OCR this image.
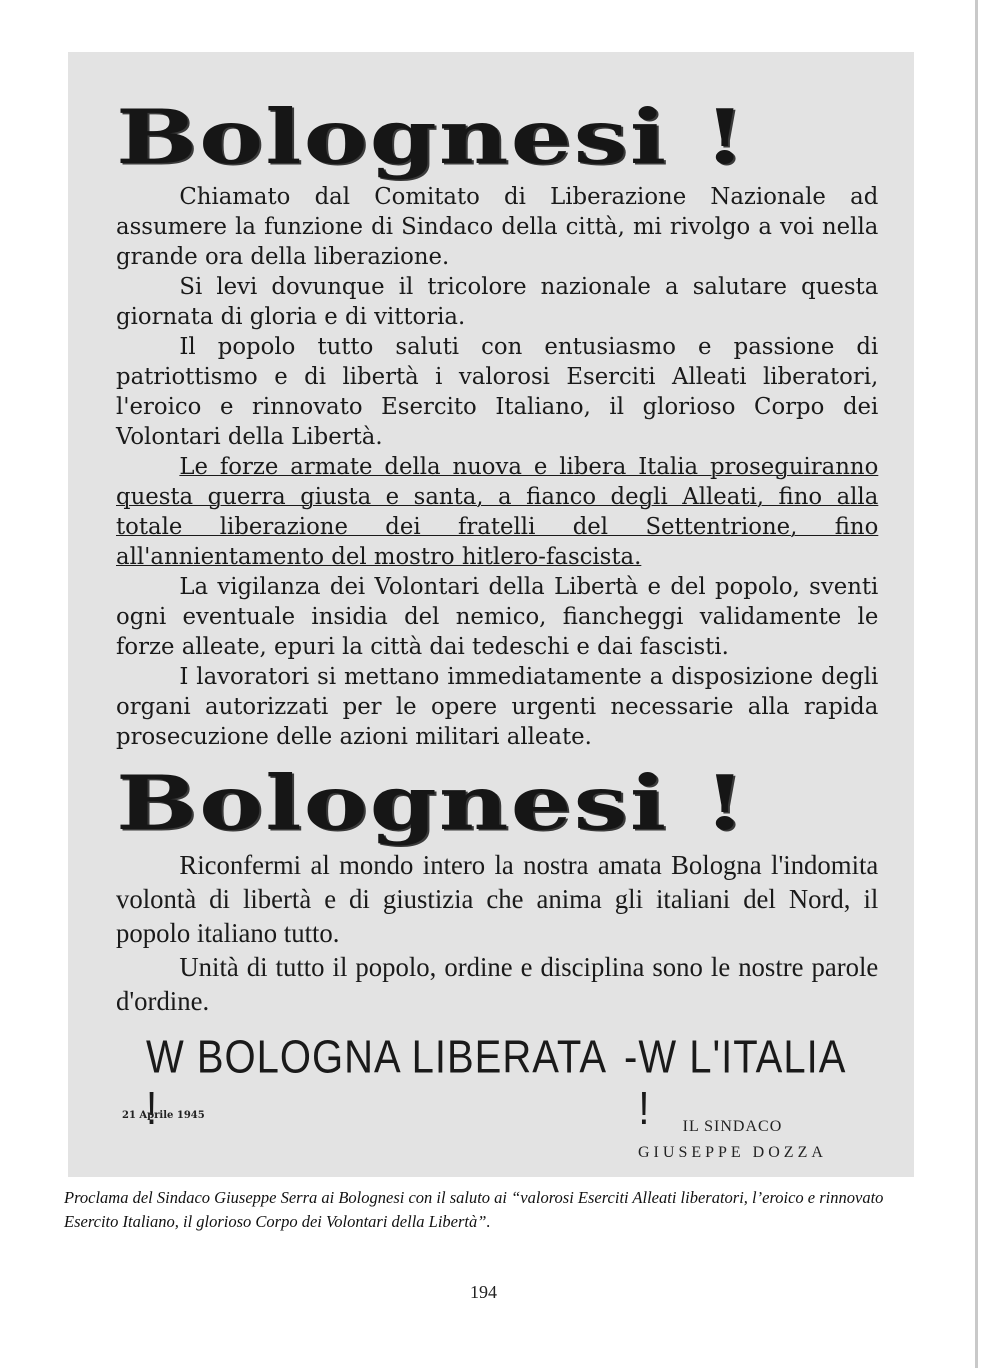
Bolognesi !

Chiamato dal Comitato di Liberazione Nazionale ad assumere la funzione di Sindaco della città, mi rivolgo a voi nella grande ora della liberazione.

Si levi dovunque il tricolore nazionale a salutare questa giornata di gloria e di vittoria.

Il popolo tutto saluti con entusiasmo e passione di patriottismo e di libertà i valorosi Eserciti Alleati liberatori, l'eroico e rinnovato Esercito Italiano, il glorioso Corpo dei Volontari della Libertà.

Le forze armate della nuova e libera Italia proseguiranno questa guerra giusta e santa, a fianco degli Alleati, fino alla totale liberazione dei fratelli del Settentrione, fino all'annientamento del mostro hitlero-fascista.

La vigilanza dei Volontari della Libertà e del popolo, sventi ogni eventuale insidia del nemico, fiancheggi validamente le forze alleate, epuri la città dai tedeschi e dai fascisti.

I lavoratori si mettano immediatamente a disposizione degli organi autorizzati per le opere urgenti necessarie alla rapida prosecuzione delle azioni militari alleate.

Bolognesi !

Riconfermi al mondo intero la nostra amata Bologna l'indomita volontà di libertà e di giustizia che anima gli italiani del Nord, il popolo italiano tutto.

Unità di tutto il popolo, ordine e disciplina sono le nostre parole d'ordine.

W BOLOGNA LIBERATA !
- W L'ITALIA !
21 Aprile 1945
IL SINDACO
GIUSEPPE DOZZA
Proclama del Sindaco Giuseppe Serra ai Bolognesi con il saluto ai “valorosi Eserciti Alleati liberatori, l’eroico e rinnovato Esercito Italiano, il glorioso Corpo dei Volontari della Libertà”.
194
